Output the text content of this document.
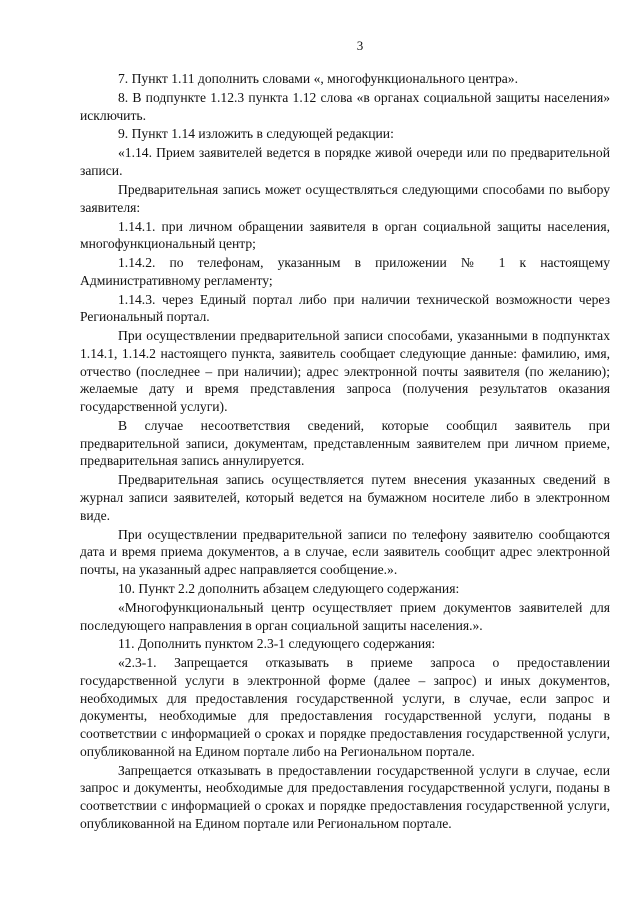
3

7. Пункт 1.11 дополнить словами «, многофункционального центра».

8. В подпункте 1.12.3 пункта 1.12 слова «в органах социальной защиты населения» исключить.

9. Пункт 1.14 изложить в следующей редакции:

«1.14. Прием заявителей ведется в порядке живой очереди или по предварительной записи.

Предварительная запись может осуществляться следующими способами по выбору заявителя:

1.14.1. при личном обращении заявителя в орган социальной защиты населения, многофункциональный центр;

1.14.2. по телефонам, указанным в приложении № 1 к настоящему Административному регламенту;

1.14.3. через Единый портал либо при наличии технической возможности через Региональный портал.

При осуществлении предварительной записи способами, указанными в подпунктах 1.14.1, 1.14.2 настоящего пункта, заявитель сообщает следующие данные: фамилию, имя, отчество (последнее – при наличии); адрес электронной почты заявителя (по желанию); желаемые дату и время представления запроса (получения результатов оказания государственной услуги).

В случае несоответствия сведений, которые сообщил заявитель при предварительной записи, документам, представленным заявителем при личном приеме, предварительная запись аннулируется.

Предварительная запись осуществляется путем внесения указанных сведений в журнал записи заявителей, который ведется на бумажном носителе либо в электронном виде.

При осуществлении предварительной записи по телефону заявителю сообщаются дата и время приема документов, а в случае, если заявитель сообщит адрес электронной почты, на указанный адрес направляется сообщение.».

10. Пункт 2.2 дополнить абзацем следующего содержания:

«Многофункциональный центр осуществляет прием документов заявителей для последующего направления в орган социальной защиты населения.».

11. Дополнить пунктом 2.3-1 следующего содержания:

«2.3-1. Запрещается отказывать в приеме запроса о предоставлении государственной услуги в электронной форме (далее – запрос) и иных документов, необходимых для предоставления государственной услуги, в случае, если запрос и документы, необходимые для предоставления государственной услуги, поданы в соответствии с информацией о сроках и порядке предоставления государственной услуги, опубликованной на Едином портале либо на Региональном портале.

Запрещается отказывать в предоставлении государственной услуги в случае, если запрос и документы, необходимые для предоставления государственной услуги, поданы в соответствии с информацией о сроках и порядке предоставления государственной услуги, опубликованной на Едином портале или Региональном портале.
